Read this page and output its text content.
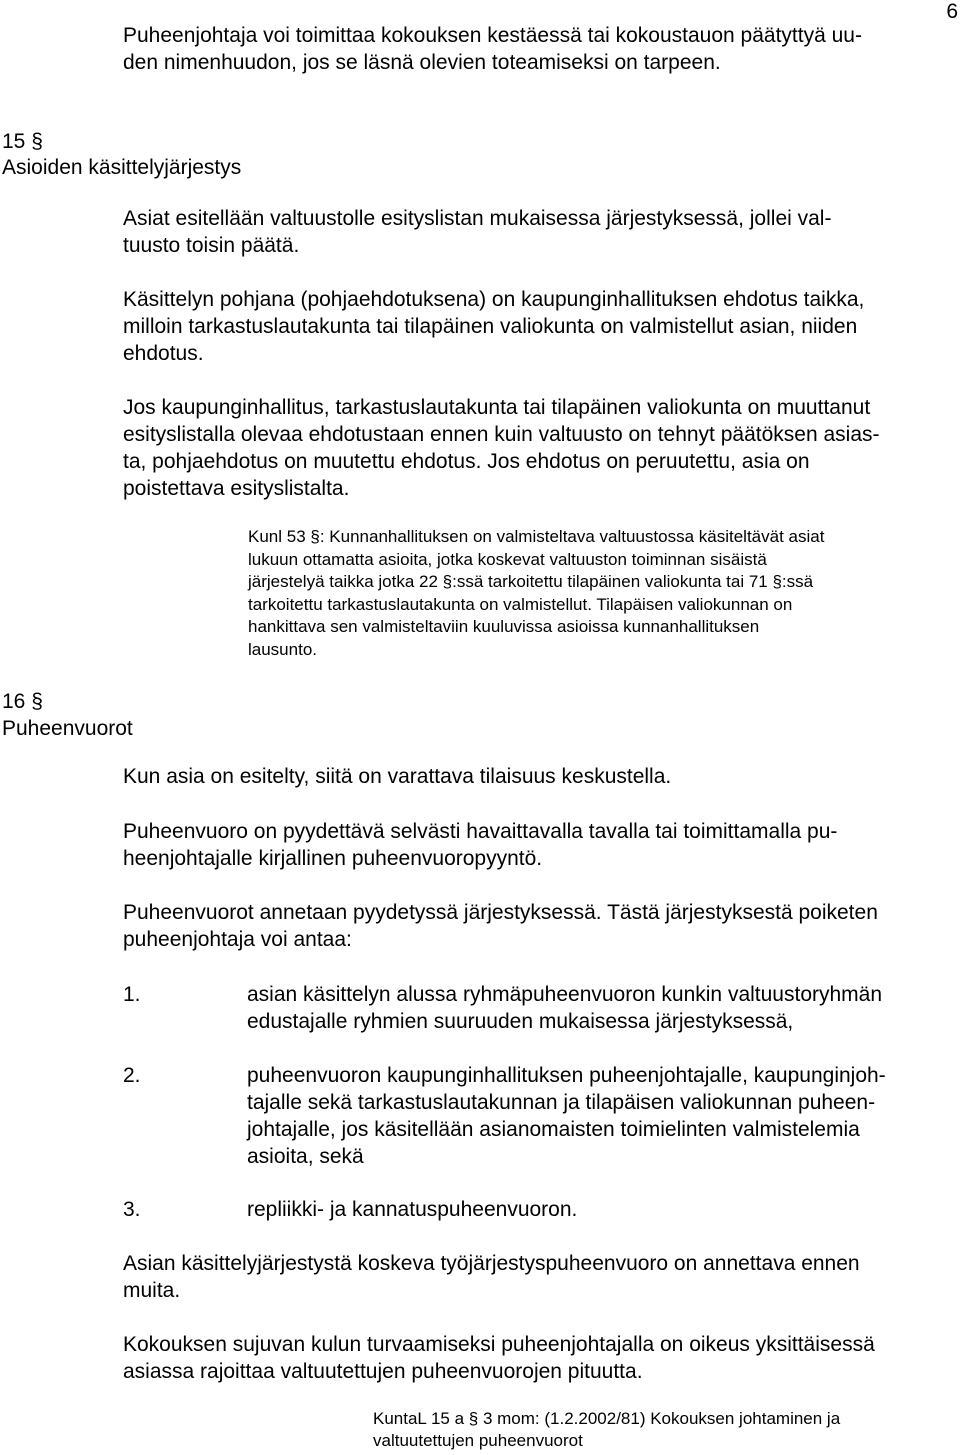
6
Puheenjohtaja voi toimittaa kokouksen kestäessä tai kokoustauon päätyttyä uu-
den nimenhuudon, jos se läsnä olevien toteamiseksi on tarpeen.
15 §
Asioiden käsittelyjärjestys
Asiat esitellään valtuustolle esityslistan mukaisessa järjestyksessä, jollei val-
tuusto toisin päätä.
Käsittelyn pohjana (pohjaehdotuksena) on kaupunginhallituksen ehdotus taikka,
milloin tarkastuslautakunta tai tilapäinen valiokunta on valmistellut asian, niiden
ehdotus.
Jos kaupunginhallitus, tarkastuslautakunta tai tilapäinen valiokunta on muuttanut
esityslistalla olevaa ehdotustaan ennen kuin valtuusto on tehnyt päätöksen asias-
ta, pohjaehdotus on muutettu ehdotus. Jos ehdotus on peruutettu, asia on
poistettava esityslistalta.
Kunl 53 §: Kunnanhallituksen on valmisteltava valtuustossa käsiteltävät asiat
lukuun ottamatta asioita, jotka koskevat valtuuston toiminnan sisäistä
järjestelyä taikka jotka 22 §:ssä tarkoitettu tilapäinen valiokunta tai 71 §:ssä
tarkoitettu tarkastuslautakunta on valmistellut. Tilapäisen valiokunnan on
hankittava sen valmisteltaviin kuuluvissa asioissa kunnanhallituksen
lausunto.
16 §
Puheenvuorot
Kun asia on esitelty, siitä on varattava tilaisuus keskustella.
Puheenvuoro on pyydettävä selvästi havaittavalla tavalla tai toimittamalla pu-
heenjohtajalle kirjallinen puheenvuoropyyntö.
Puheenvuorot annetaan pyydetyssä järjestyksessä. Tästä järjestyksestä poiketen
puheenjohtaja voi antaa:
1.	asian käsittelyn alussa ryhmäpuheenvuoron kunkin valtuustoryhmän
edustajalle ryhmien suuruuden mukaisessa järjestyksessä,
2.	puheenvuoron kaupunginhallituksen puheenjohtajalle, kaupunginjoh-
tajalle sekä tarkastuslautakunnan ja tilapäisen valiokunnan puheen-
johtajalle, jos käsitellään asianomaisten toimielinten valmistelemia
asioita, sekä
3.	repliikki- ja kannatuspuheenvuoron.
Asian käsittelyjärjestystä koskeva työjärjestyspuheenvuoro on annettava ennen
muita.
Kokouksen sujuvan kulun turvaamiseksi puheenjohtajalla on oikeus yksittäisessä
asiassa rajoittaa valtuutettujen puheenvuorojen pituutta.
KuntaL 15 a § 3 mom: (1.2.2002/81) Kokouksen johtaminen ja
valtuutettujen puheenvuorot
